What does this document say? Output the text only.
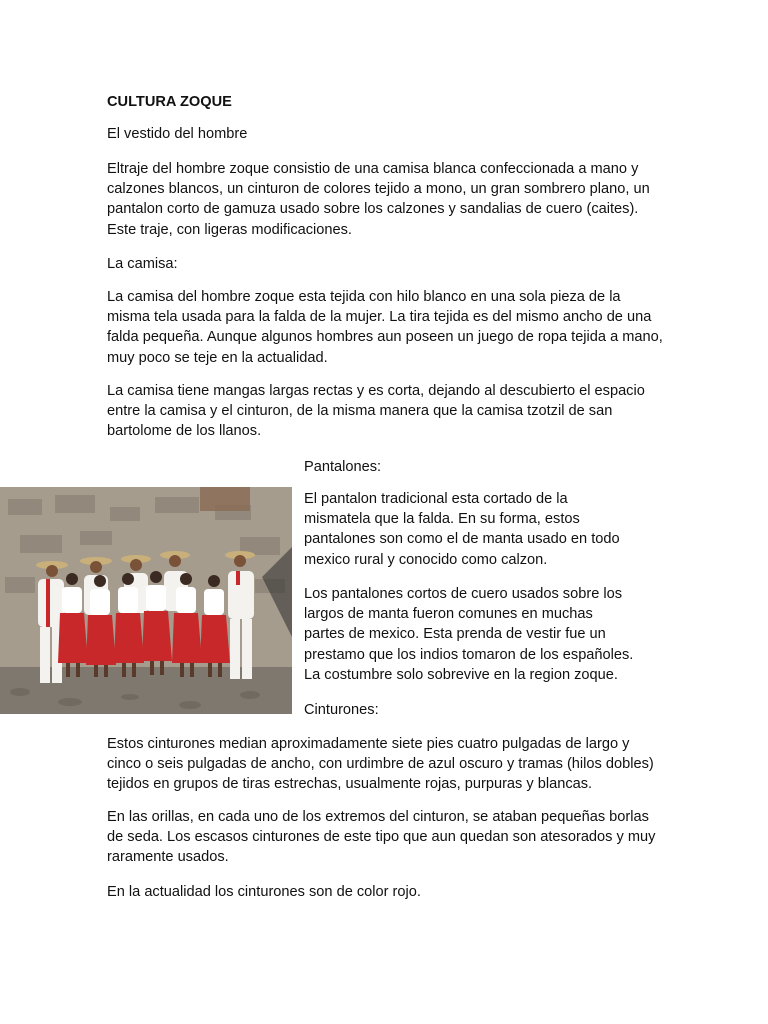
CULTURA ZOQUE

El vestido del hombre

Eltraje del hombre zoque consistio de una camisa blanca confeccionada a mano y calzones blancos, un cinturon de colores tejido a mono, un gran sombrero plano, un pantalon corto de gamuza usado sobre los calzones y sandalias de cuero (caites). Este traje, con ligeras modificaciones.

La camisa:

La camisa del hombre zoque esta tejida con hilo blanco en una sola pieza de la misma tela usada para la falda de la mujer. La tira tejida es del mismo ancho de una falda pequeña. Aunque algunos hombres aun poseen un juego de ropa tejida a mano, muy poco se teje en la actualidad.

La camisa tiene mangas largas rectas y es corta, dejando al descubierto el espacio entre la camisa y el cinturon, de la misma manera que la camisa tzotzil de san bartolome de los llanos.

Pantalones:

El pantalon tradicional esta cortado de la mismatela que la falda. En su forma, estos pantalones son como el de manta usado en todo mexico rural y conocido como calzon.

Los pantalones cortos de cuero usados sobre los largos de manta fueron comunes en muchas partes de mexico. Esta prenda de vestir fue un prestamo que los indios tomaron de los españoles. La costumbre solo sobrevive en la region zoque.

Cinturones:

Estos cinturones median aproximadamente siete pies cuatro pulgadas de largo y cinco o seis pulgadas de ancho, con urdimbre de azul oscuro y tramas (hilos dobles) tejidos en grupos de tiras estrechas, usualmente rojas, purpuras y blancas.

En las orillas, en cada uno de los extremos del cinturon, se ataban pequeñas borlas de seda. Los escasos cinturones de este tipo que aun quedan son atesorados y muy raramente usados.

En la actualidad los cinturones son de color rojo.
